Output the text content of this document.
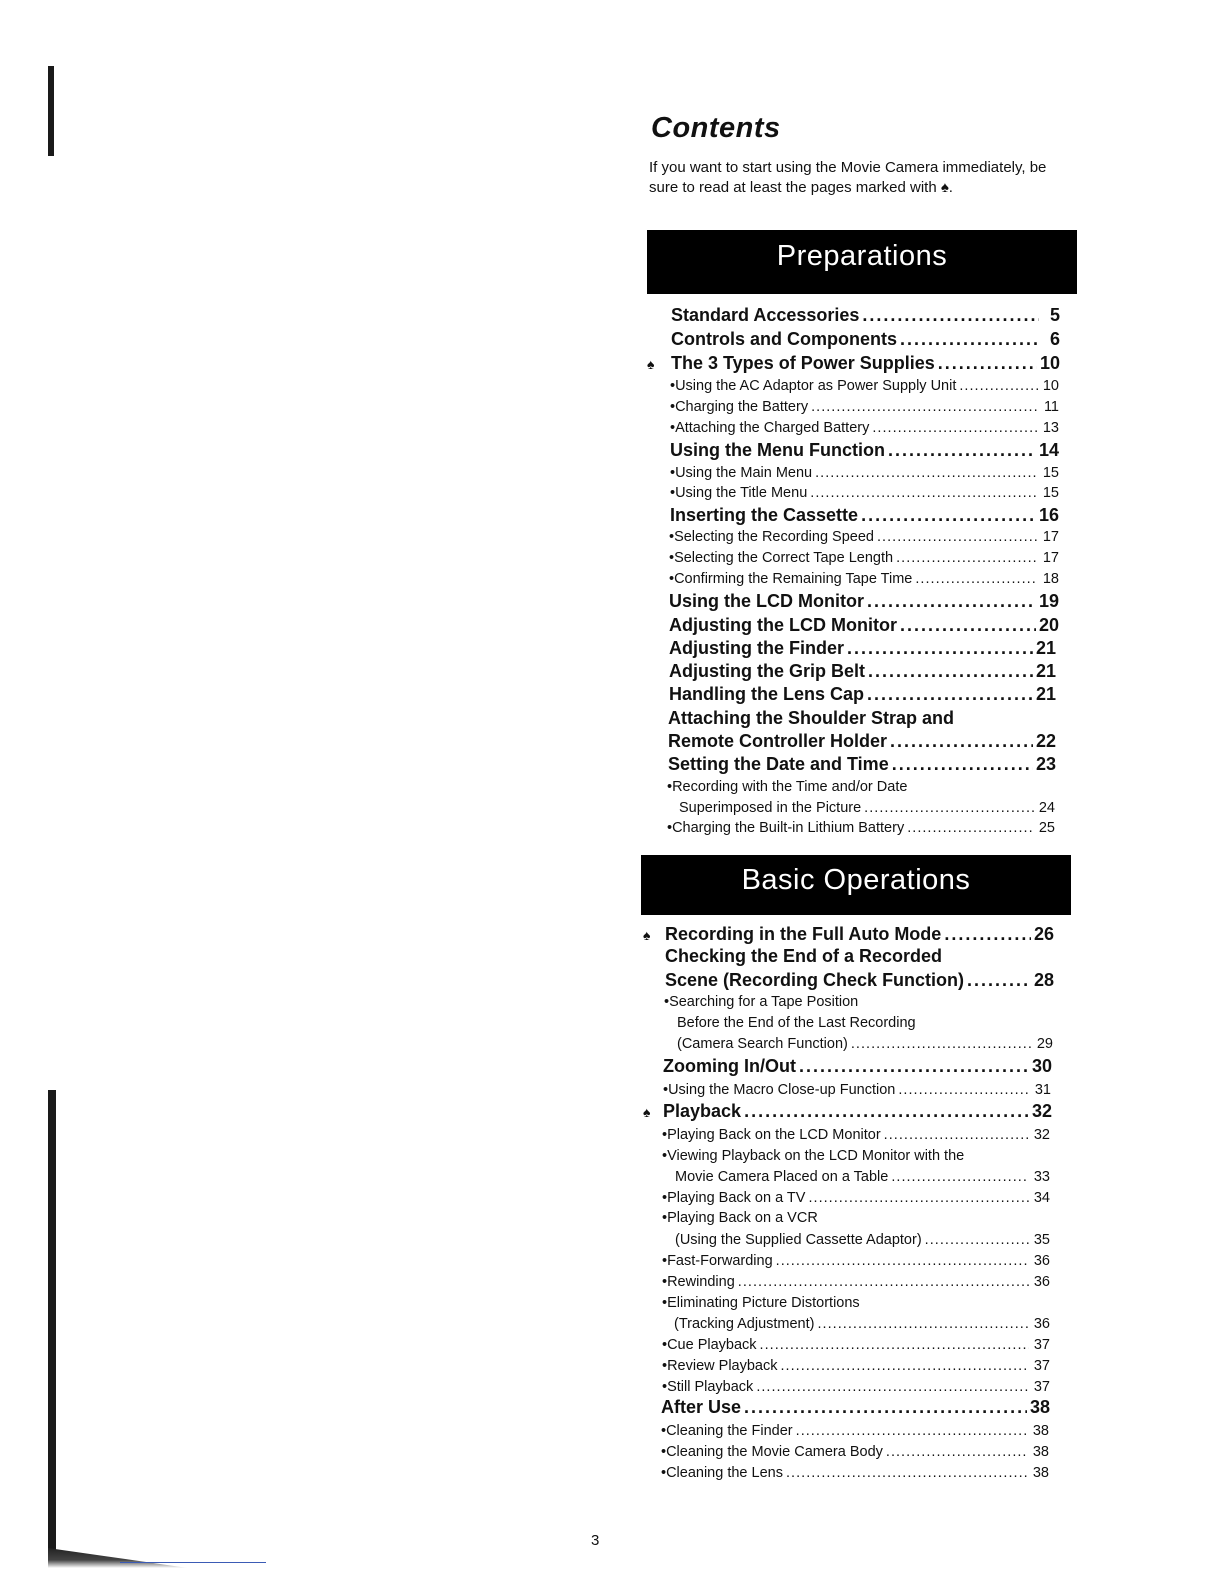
Contents

If you want to start using the Movie Camera immediately, be sure to read at least the pages marked with ♠.

Preparations
Standard Accessories . . .	5
Controls and Components . . .	6
♠ The 3 Types of Power Supplies . . .	10
•Using the AC Adaptor as Power Supply Unit . . .	10
•Charging the Battery . . .	11
•Attaching the Charged Battery . . .	13
Using the Menu Function . . .	14
•Using the Main Menu . . .	15
•Using the Title Menu . . .	15
Inserting the Cassette . . .	16
•Selecting the Recording Speed . . .	17
•Selecting the Correct Tape Length . . .	17
•Confirming the Remaining Tape Time . . .	18
Using the LCD Monitor . . .	19
Adjusting the LCD Monitor . . .	20
Adjusting the Finder . . .	21
Adjusting the Grip Belt . . .	21
Handling the Lens Cap . . .	21
Attaching the Shoulder Strap and
Remote Controller Holder . . .	22
Setting the Date and Time . . .	23
•Recording with the Time and/or Date
Superimposed in the Picture . . .	24
•Charging the Built-in Lithium Battery . . .	25
Basic Operations
♠ Recording in the Full Auto Mode . . .	26
Checking the End of a Recorded
Scene (Recording Check Function) . . .	28
•Searching for a Tape Position
Before the End of the Last Recording
(Camera Search Function) . . .	29
Zooming In/Out . . .	30
•Using the Macro Close-up Function . . .	31
♠ Playback . . .	32
•Playing Back on the LCD Monitor . . .	32
•Viewing Playback on the LCD Monitor with the
Movie Camera Placed on a Table . . .	33
•Playing Back on a TV . . .	34
•Playing Back on a VCR
(Using the Supplied Cassette Adaptor) . . .	35
•Fast-Forwarding . . .	36
•Rewinding . . .	36
•Eliminating Picture Distortions
(Tracking Adjustment) . . .	36
•Cue Playback . . .	37
•Review Playback . . .	37
•Still Playback . . .	37
After Use . . .	38
•Cleaning the Finder . . .	38
•Cleaning the Movie Camera Body . . .	38
•Cleaning the Lens . . .	38
3
